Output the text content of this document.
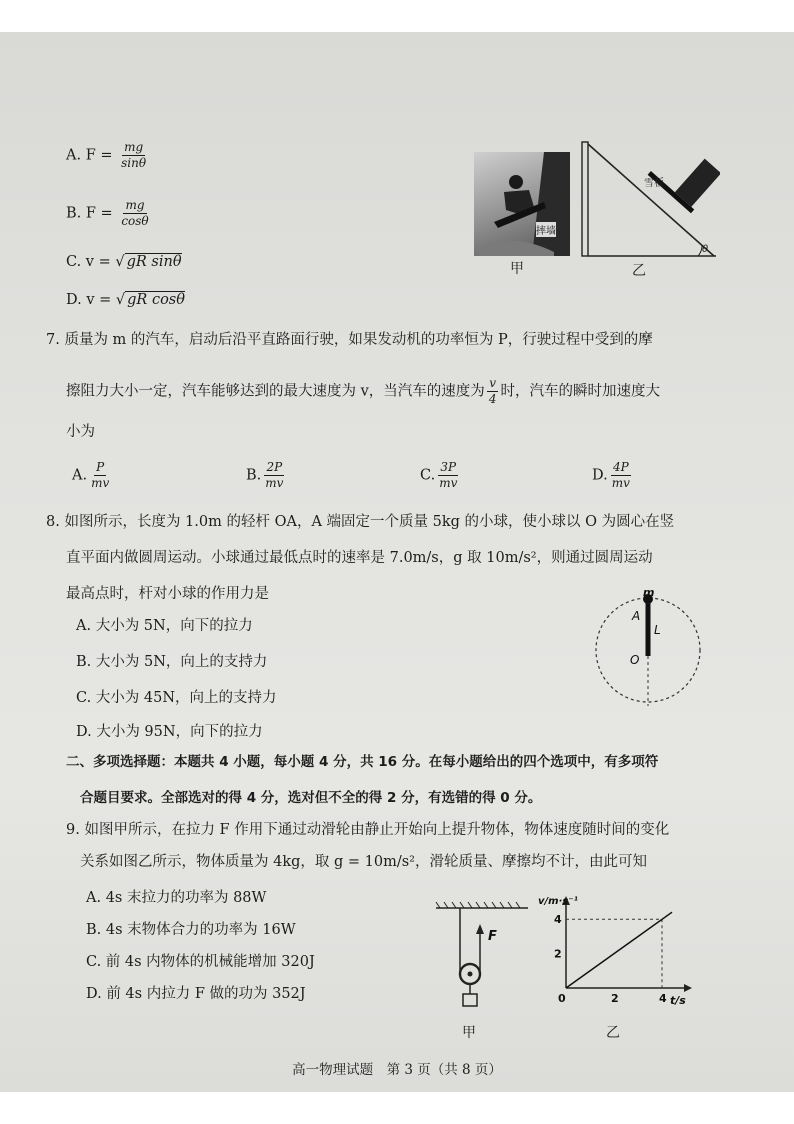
A. $F = \frac{mg}{\sin\theta}$
B. $F = \frac{mg}{\cos\theta}$
C. v = √ gR sinθ
D. v = √ gR cosθ
摔墙
甲
θ
雪板
乙
7. 质量为 m 的汽车，启动后沿平直路面行驶，如果发动机的功率恒为 P，行驶过程中受到的摩
擦阻力大小一定，汽车能够达到的最大速度为 v，当汽车的速度为 $\frac{v}{4}$ 时，汽车的瞬时加速度大
小为
A. $\frac{P}{mv}$	B. $\frac{2P}{mv}$	C. $\frac{3P}{mv}$	D. $\frac{4P}{mv}$
8. 如图所示，长度为 1.0m 的轻杆 OA，A 端固定一个质量 5kg 的小球，使小球以 O 为圆心在竖
直平面内做圆周运动。小球通过最低点时的速率是 7.0m/s，g 取 10m/s²，则通过圆周运动
最高点时，杆对小球的作用力是
A. 大小为 5N，向下的拉力
B. 大小为 5N，向上的支持力
C. 大小为 45N，向上的支持力
D. 大小为 95N，向下的拉力
m
A
L
O
二、多项选择题：本题共 4 小题，每小题 4 分，共 16 分。在每小题给出的四个选项中，有多项符
合题目要求。全部选对的得 4 分，选对但不全的得 2 分，有选错的得 0 分。
9. 如图甲所示，在拉力 F 作用下通过动滑轮由静止开始向上提升物体，物体速度随时间的变化
关系如图乙所示，物体质量为 4kg，取 g = 10m/s²，滑轮质量、摩擦均不计，由此可知
A. 4s 末拉力的功率为 88W
B. 4s 末物体合力的功率为 16W
C. 前 4s 内物体的机械能增加 320J
D. 前 4s 内拉力 F 做的功为 352J
F
甲
v/m·s⁻¹
t/s
0	2	4
2
4
乙
高一物理试题　第 3 页（共 8 页）
